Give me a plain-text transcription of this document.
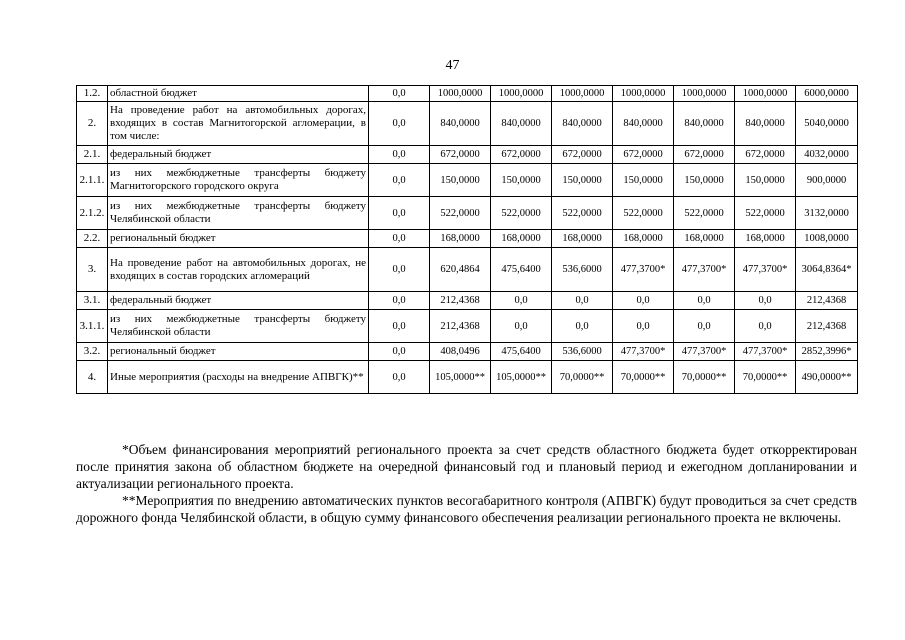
47
1.2.	областной бюджет	0,0	1000,0000	1000,0000	1000,0000	1000,0000	1000,0000	1000,0000	6000,0000
2.	На проведение работ на автомобильных дорогах, входящих в состав Магнитогорской агломерации, в том числе:	0,0	840,0000	840,0000	840,0000	840,0000	840,0000	840,0000	5040,0000
2.1.	федеральный бюджет	0,0	672,0000	672,0000	672,0000	672,0000	672,0000	672,0000	4032,0000
2.1.1.	из них межбюджетные трансферты бюджету Магнитогорского городского округа	0,0	150,0000	150,0000	150,0000	150,0000	150,0000	150,0000	900,0000
2.1.2.	из них межбюджетные трансферты бюджету Челябинской области	0,0	522,0000	522,0000	522,0000	522,0000	522,0000	522,0000	3132,0000
2.2.	региональный бюджет	0,0	168,0000	168,0000	168,0000	168,0000	168,0000	168,0000	1008,0000
3.	На проведение работ на автомобильных дорогах, не входящих в состав городских агломераций	0,0	620,4864	475,6400	536,6000	477,3700*	477,3700*	477,3700*	3064,8364*
3.1.	федеральный бюджет	0,0	212,4368	0,0	0,0	0,0	0,0	0,0	212,4368
3.1.1.	из них межбюджетные трансферты бюджету Челябинской области	0,0	212,4368	0,0	0,0	0,0	0,0	0,0	212,4368
3.2.	региональный бюджет	0,0	408,0496	475,6400	536,6000	477,3700*	477,3700*	477,3700*	2852,3996*
4.	Иные мероприятия (расходы на внедрение АПВГК)**	0,0	105,0000**	105,0000**	70,0000**	70,0000**	70,0000**	70,0000**	490,0000**

*Объем финансирования мероприятий регионального проекта за счет средств областного бюджета будет откорректирован после принятия закона об областном бюджете на очередной финансовый год и плановый период и ежегодном допланировании и актуализации регионального проекта.

**Мероприятия по внедрению автоматических пунктов весогабаритного контроля (АПВГК) будут проводиться за счет средств дорожного фонда Челябинской области, в общую сумму финансового обеспечения реализации регионального проекта не включены.
